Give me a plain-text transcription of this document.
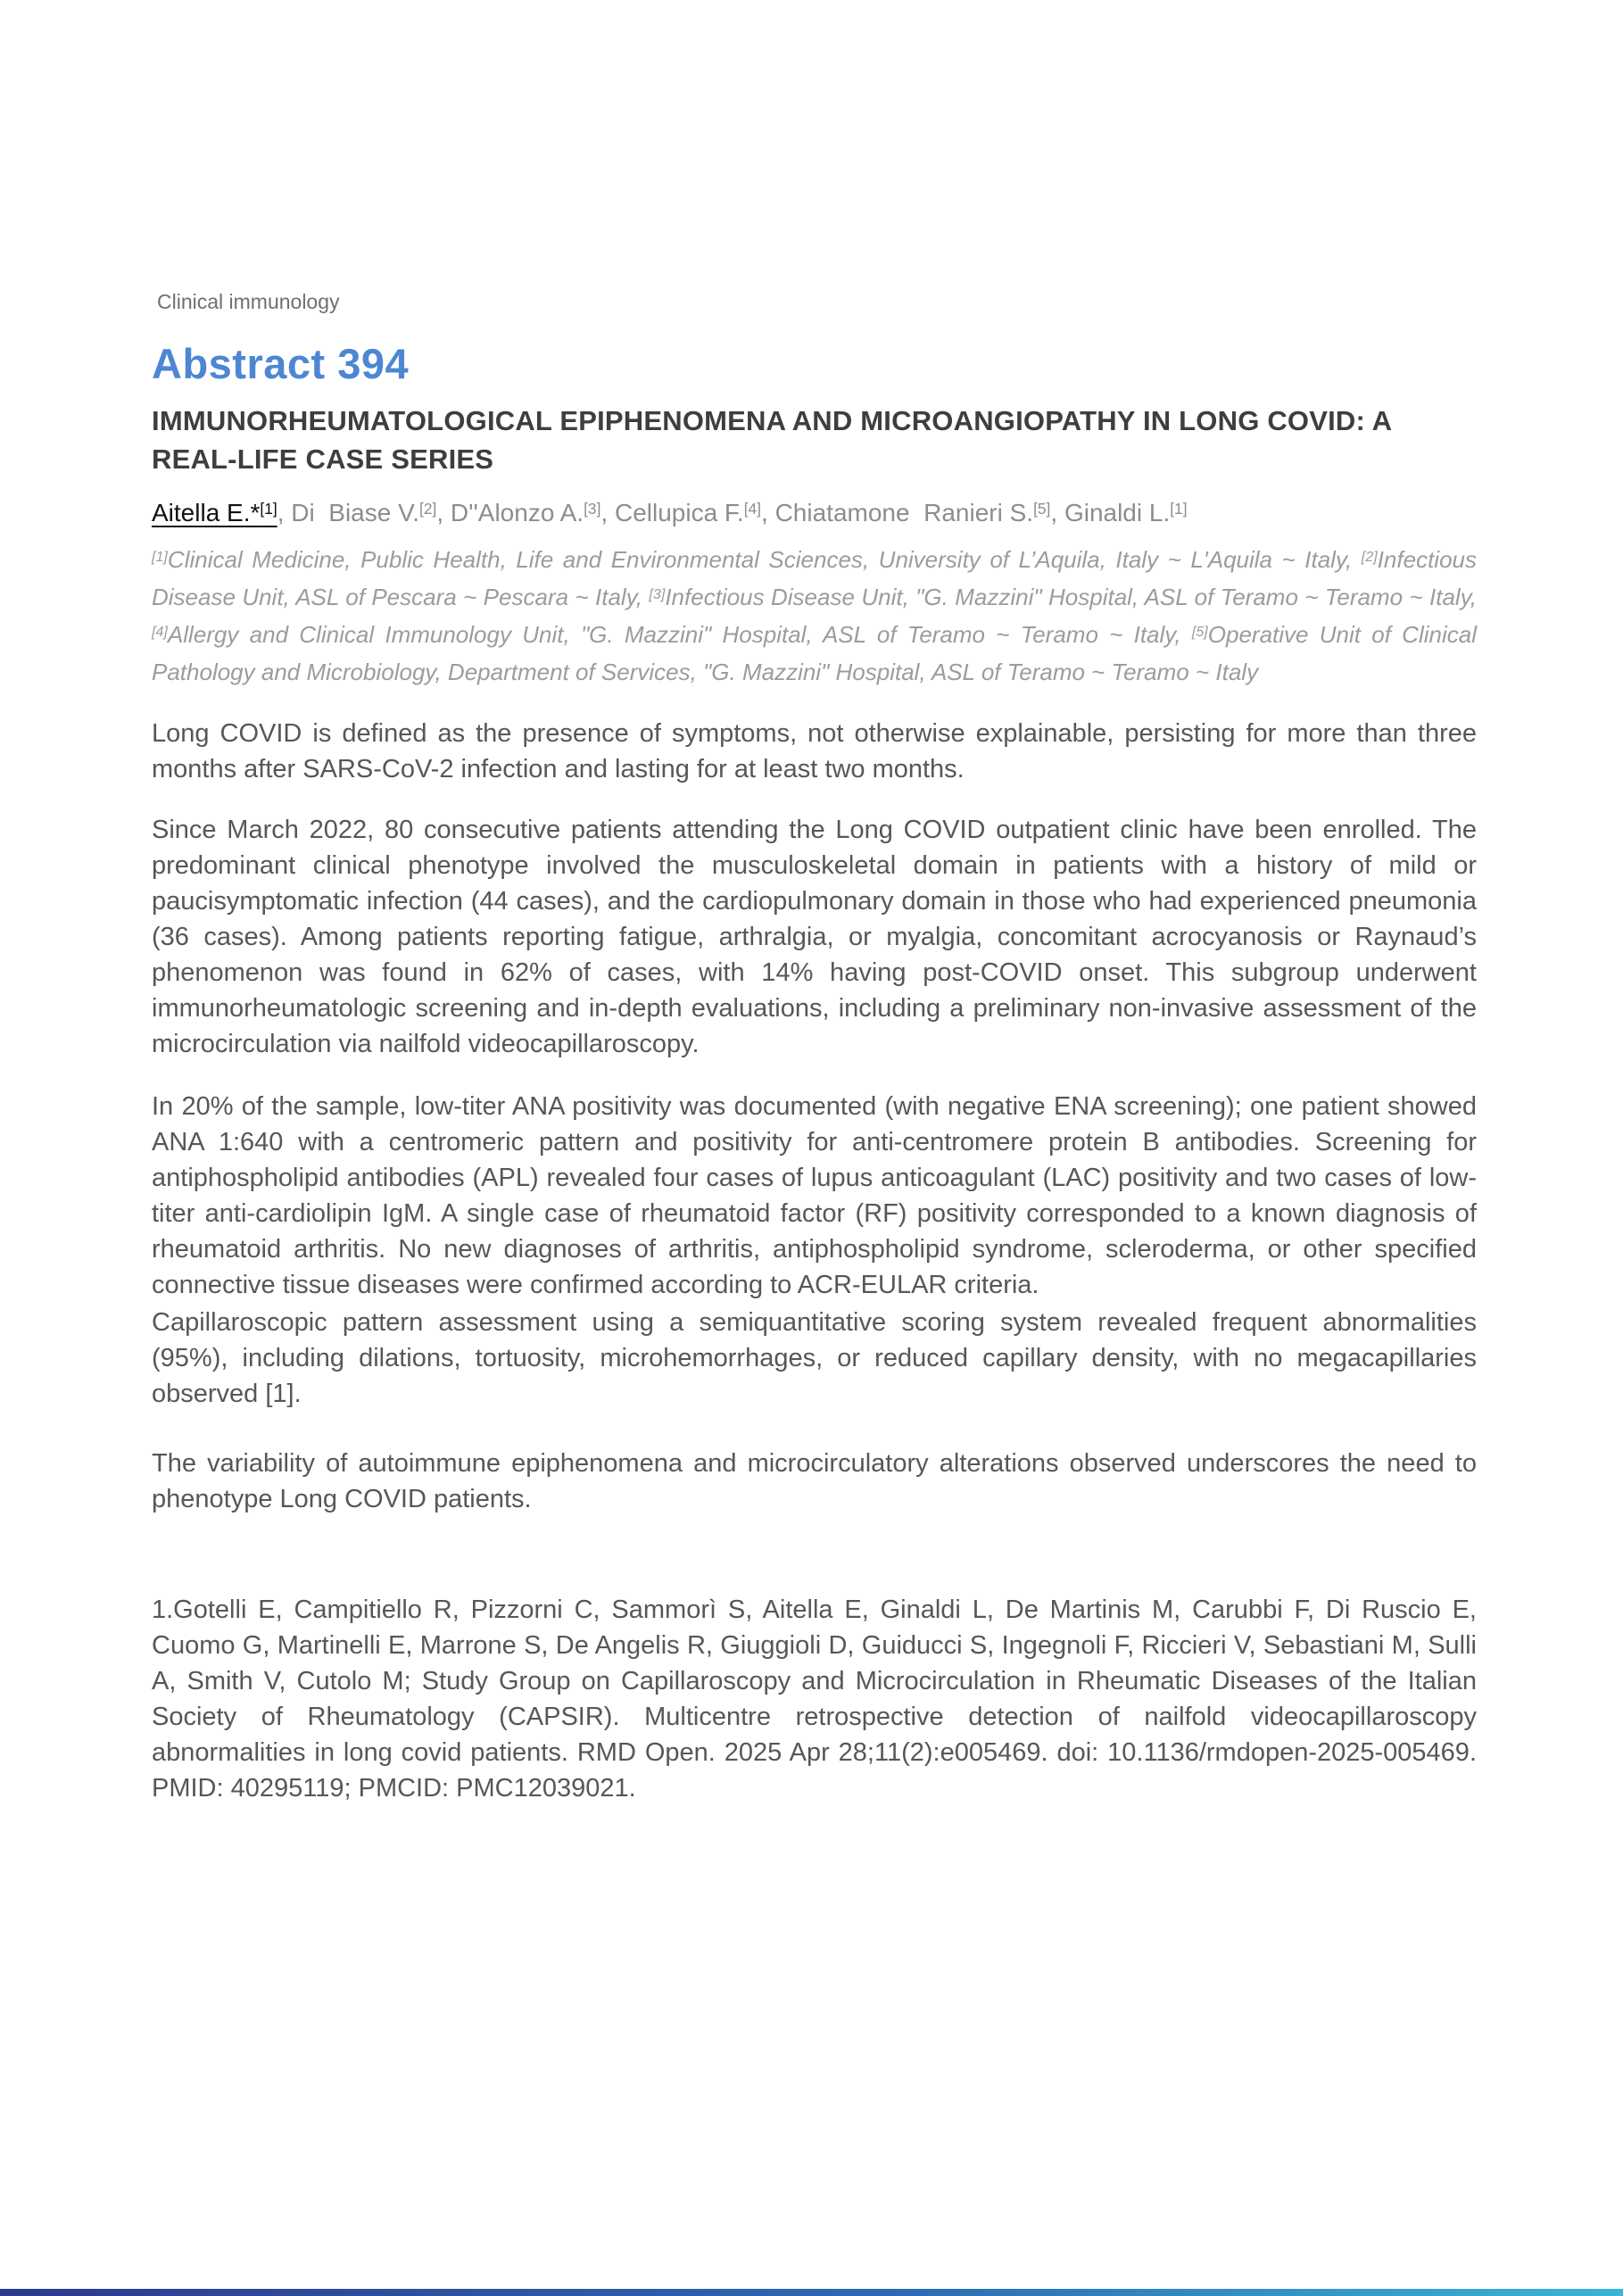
Clinical immunology

Abstract 394
IMMUNORHEUMATOLOGICAL EPIPHENOMENA AND MICROANGIOPATHY IN LONG COVID: A REAL-LIFE CASE SERIES

Aitella E.*[1], Di  Biase V.[2], D''Alonzo A.[3], Cellupica F.[4], Chiatamone  Ranieri S.[5], Ginaldi L.[1]

[1]Clinical Medicine, Public Health, Life and Environmental Sciences, University of L’Aquila, Italy ~ L'Aquila ~ Italy, [2]Infectious Disease Unit, ASL of Pescara ~ Pescara ~ Italy, [3]Infectious Disease Unit, "G. Mazzini" Hospital, ASL of Teramo ~ Teramo ~ Italy, [4]Allergy and Clinical Immunology Unit, "G. Mazzini" Hospital, ASL of Teramo ~ Teramo ~ Italy, [5]Operative Unit of Clinical Pathology and Microbiology, Department of Services, "G. Mazzini" Hospital, ASL of Teramo ~ Teramo ~ Italy

Long COVID is defined as the presence of symptoms, not otherwise explainable, persisting for more than three months after SARS-CoV-2 infection and lasting for at least two months.

Since March 2022, 80 consecutive patients attending the Long COVID outpatient clinic have been enrolled. The predominant clinical phenotype involved the musculoskeletal domain in patients with a history of mild or paucisymptomatic infection (44 cases), and the cardiopulmonary domain in those who had experienced pneumonia (36 cases). Among patients reporting fatigue, arthralgia, or myalgia, concomitant acrocyanosis or Raynaud’s phenomenon was found in 62% of cases, with 14% having post-COVID onset. This subgroup underwent immunorheumatologic screening and in-depth evaluations, including a preliminary non-invasive assessment of the microcirculation via nailfold videocapillaroscopy.

In 20% of the sample, low-titer ANA positivity was documented (with negative ENA screening); one patient showed ANA 1:640 with a centromeric pattern and positivity for anti-centromere protein B antibodies. Screening for antiphospholipid antibodies (APL) revealed four cases of lupus anticoagulant (LAC) positivity and two cases of low-titer anti-cardiolipin IgM. A single case of rheumatoid factor (RF) positivity corresponded to a known diagnosis of rheumatoid arthritis. No new diagnoses of arthritis, antiphospholipid syndrome, scleroderma, or other specified connective tissue diseases were confirmed according to ACR-EULAR criteria.

Capillaroscopic pattern assessment using a semiquantitative scoring system revealed frequent abnormalities (95%), including dilations, tortuosity, microhemorrhages, or reduced capillary density, with no megacapillaries observed [1].

The variability of autoimmune epiphenomena and microcirculatory alterations observed underscores the need to phenotype Long COVID patients.

1.Gotelli E, Campitiello R, Pizzorni C, Sammorì S, Aitella E, Ginaldi L, De Martinis M, Carubbi F, Di Ruscio E, Cuomo G, Martinelli E, Marrone S, De Angelis R, Giuggioli D, Guiducci S, Ingegnoli F, Riccieri V, Sebastiani M, Sulli A, Smith V, Cutolo M; Study Group on Capillaroscopy and Microcirculation in Rheumatic Diseases of the Italian Society of Rheumatology (CAPSIR). Multicentre retrospective detection of nailfold videocapillaroscopy abnormalities in long covid patients. RMD Open. 2025 Apr 28;11(2):e005469. doi: 10.1136/rmdopen-2025-005469. PMID: 40295119; PMCID: PMC12039021.
